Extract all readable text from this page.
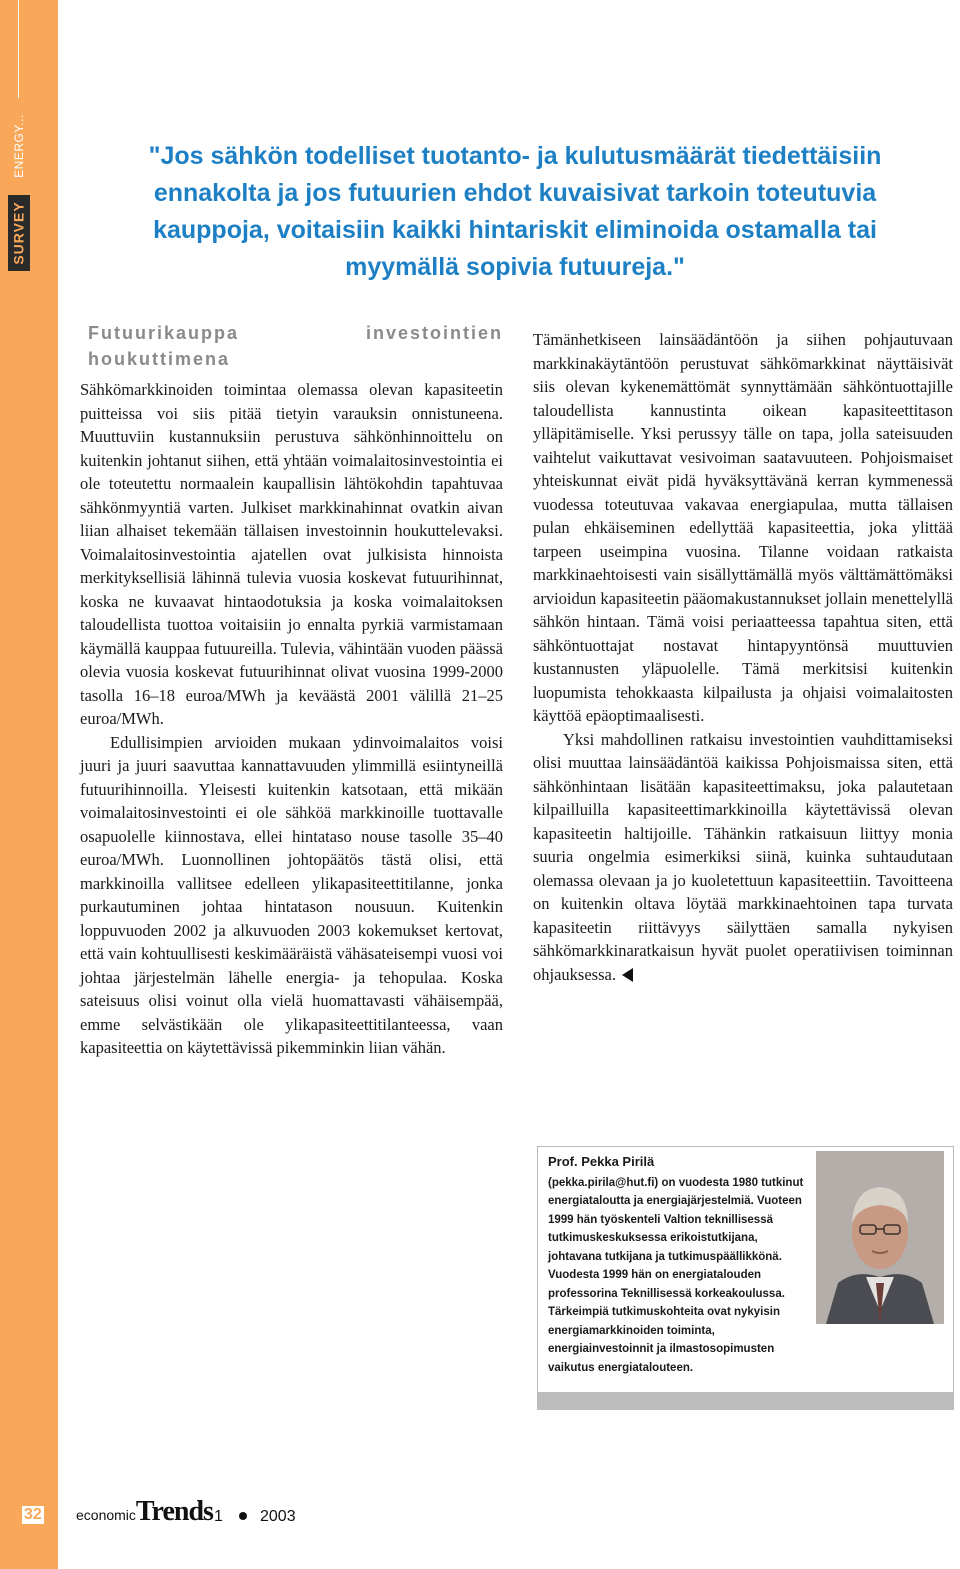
ENERGY...
SURVEY
"Jos sähkön todelliset tuotanto- ja kulutusmäärät tiedettäisiin ennakolta ja jos futuurien ehdot kuvaisivat tarkoin toteutuvia kauppoja, voitaisiin kaikki hintariskit eliminoida ostamalla tai myymällä sopivia futuureja."
Futuurikauppa investointien houkuttimena

Sähkömarkkinoiden toimintaa olemassa olevan kapasiteetin puitteissa voi siis pitää tietyin varauksin onnistuneena. Muuttuviin kustannuksiin perustuva sähkönhinnoittelu on kuitenkin johtanut siihen, että yhtään voimalaitosinvestointia ei ole toteutettu normaalein kaupallisin lähtökohdin tapahtuvaa sähkönmyyntiä varten. Julkiset markkinahinnat ovatkin aivan liian alhaiset tekemään tällaisen investoinnin houkuttelevaksi. Voimalaitosinvestointia ajatellen ovat julkisista hinnoista merkityksellisiä lähinnä tulevia vuosia koskevat futuurihinnat, koska ne kuvaavat hintaodotuksia ja koska voimalaitoksen taloudellista tuottoa voitaisiin jo ennalta pyrkiä varmistamaan käymällä kauppaa futuureilla. Tulevia, vähintään vuoden päässä olevia vuosia koskevat futuurihinnat olivat vuosina 1999-2000 tasolla 16–18 euroa/MWh ja keväästä 2001 välillä 21–25 euroa/MWh.

Edullisimpien arvioiden mukaan ydinvoimalaitos voisi juuri ja juuri saavuttaa kannattavuuden ylimmillä esiintyneillä futuurihinnoilla. Yleisesti kuitenkin katsotaan, että mikään voimalaitosinvestointi ei ole sähköä markkinoille tuottavalle osapuolelle kiinnostava, ellei hintataso nouse tasolle 35–40 euroa/MWh. Luonnollinen johtopäätös tästä olisi, että markkinoilla vallitsee edelleen ylikapasiteettitilanne, jonka purkautuminen johtaa hintatason nousuun. Kuitenkin loppuvuoden 2002 ja alkuvuoden 2003 kokemukset kertovat, että vain kohtuullisesti keskimääräistä vähäsateisempi vuosi voi johtaa järjestelmän lähelle energia- ja tehopulaa. Koska sateisuus olisi voinut olla vielä huomattavasti vähäisempää, emme selvästikään ole ylikapasiteettitilanteessa, vaan kapasiteettia on käytettävissä pikemminkin liian vähän.

Tämänhetkiseen lainsäädäntöön ja siihen pohjautuvaan markkinakäytäntöön perustuvat sähkömarkkinat näyttäisivät siis olevan kykenemättömät synnyttämään sähköntuottajille taloudellista kannustinta oikean kapasiteettitason ylläpitämiselle. Yksi perussyy tälle on tapa, jolla sateisuuden vaihtelut vaikuttavat vesivoiman saatavuuteen. Pohjoismaiset yhteiskunnat eivät pidä hyväksyttävänä kerran kymmenessä vuodessa toteutuvaa vakavaa energiapulaa, mutta tällaisen pulan ehkäiseminen edellyttää kapasiteettia, joka ylittää tarpeen useimpina vuosina. Tilanne voidaan ratkaista markkinaehtoisesti vain sisällyttämällä myös välttämättömäksi arvioidun kapasiteetin pääomakustannukset jollain menettelyllä sähkön hintaan. Tämä voisi periaatteessa tapahtua siten, että sähköntuottajat nostavat hintapyyntönsä muuttuvien kustannusten yläpuolelle. Tämä merkitsisi kuitenkin luopumista tehokkaasta kilpailusta ja ohjaisi voimalaitosten käyttöä epäoptimaalisesti.

Yksi mahdollinen ratkaisu investointien vauhdittamiseksi olisi muuttaa lainsäädäntöä kaikissa Pohjoismaissa siten, että sähkönhintaan lisätään kapasiteettimaksu, joka palautetaan kilpailluilla kapasiteettimarkkinoilla käytettävissä olevan kapasiteetin haltijoille. Tähänkin ratkaisuun liittyy monia suuria ongelmia esimerkiksi siinä, kuinka suhtaudutaan olemassa olevaan ja jo kuoletettuun kapasiteettiin. Tavoitteena on kuitenkin oltava löytää markkinaehtoinen tapa turvata kapasiteetin riittävyys säilyttäen samalla nykyisen sähkömarkkinaratkaisun hyvät puolet operatiivisen toiminnan ohjauksessa.

Prof. Pekka Pirilä
(pekka.pirila@hut.fi) on vuodesta 1980 tutkinut energiataloutta ja energiajärjestelmiä. Vuoteen 1999 hän työskenteli Valtion teknillisessä tutkimuskeskuksessa erikoistutkijana, johtavana tutkijana ja tutkimuspäällikkönä. Vuodesta 1999 hän on energiatalouden professorina Teknillisessä korkeakoulussa. Tärkeimpiä tutkimuskohteita ovat nykyisin energiamarkkinoiden toiminta, energiainvestoinnit ja ilmastosopimusten vaikutus energiatalouteen.
32 economic Trends 1 2003
